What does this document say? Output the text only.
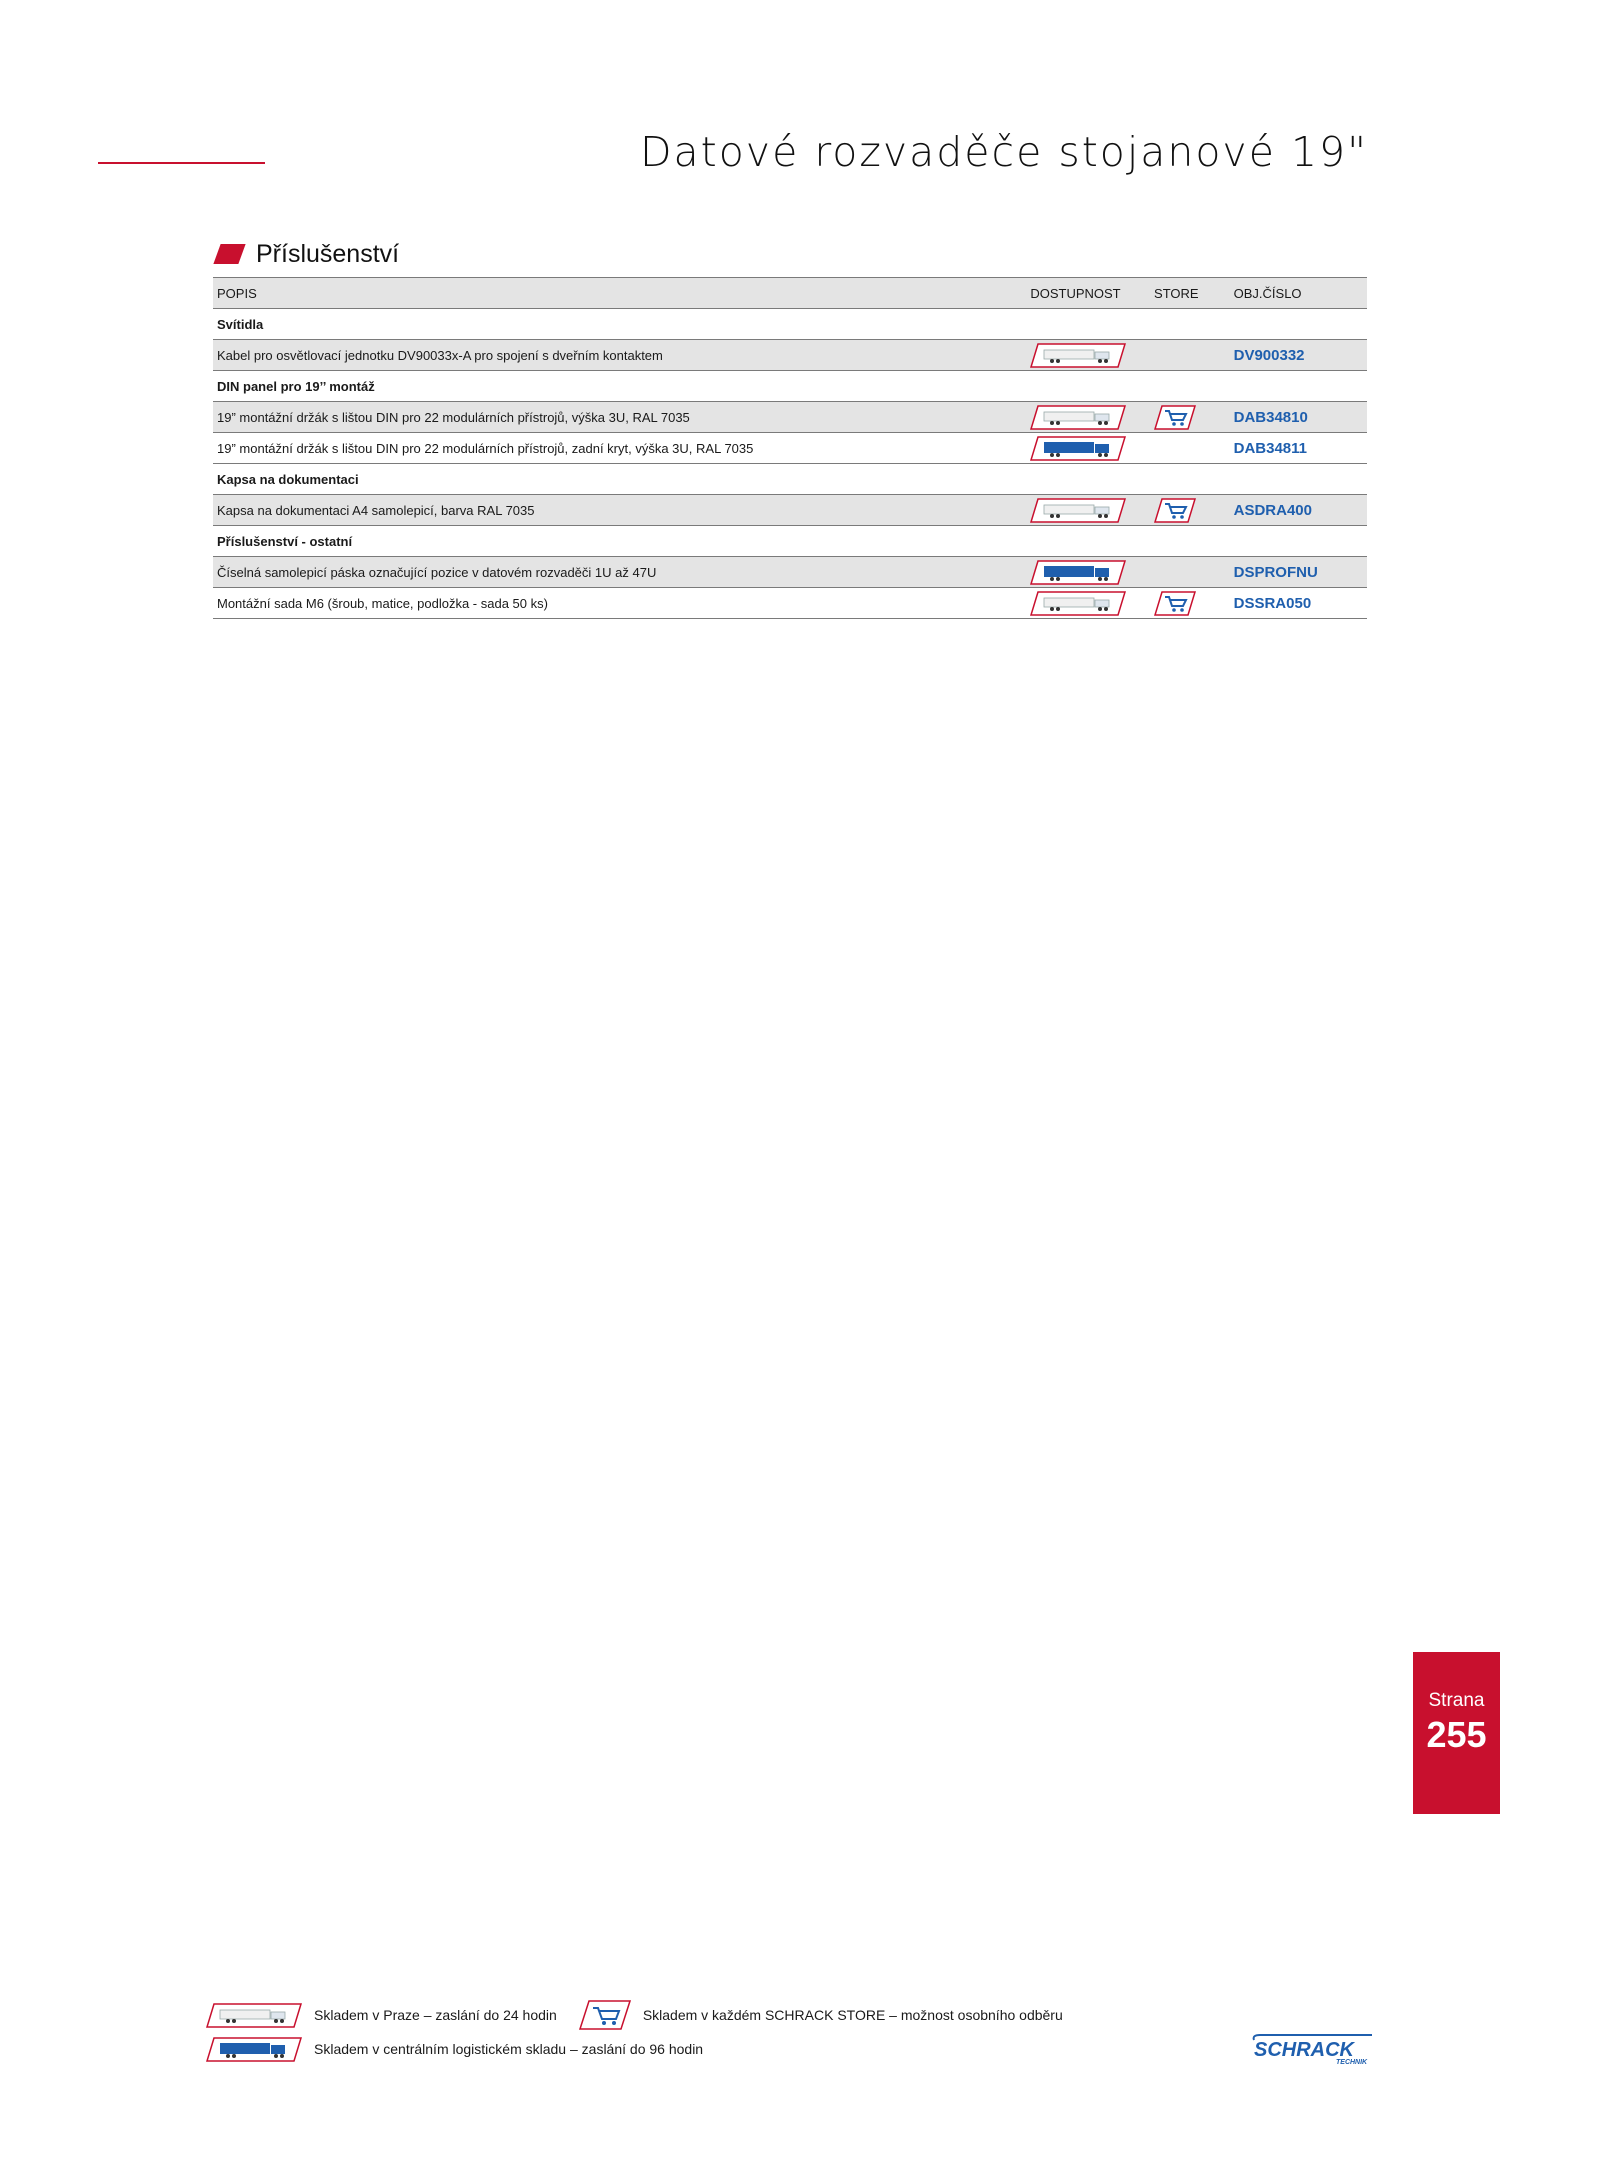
Datové rozvaděče stojanové 19"
Příslušenství
POPIS	DOSTUPNOST	STORE	OBJ.ČÍSLO
Svítidla			
Kabel pro osvětlovací jednotku DV90033x-A pro spojení s dveřním kontaktem			DV900332
DIN panel pro 19’’ montáž			
19” montážní držák s lištou DIN pro 22 modulárních přístrojů, výška 3U, RAL 7035			DAB34810
19” montážní držák s lištou DIN pro 22 modulárních přístrojů, zadní kryt, výška 3U, RAL 7035			DAB34811
Kapsa na dokumentaci			
Kapsa na dokumentaci A4 samolepicí, barva RAL 7035			ASDRA400
Příslušenství - ostatní			
Číselná samolepicí páska označující pozice v datovém rozvaděči 1U až 47U			DSPROFNU
Montážní sada M6 (šroub, matice, podložka - sada 50 ks)			DSSRA050
Strana
255
Skladem v Praze – zaslání do 24 hodin	Skladem v každém SCHRACK STORE – možnost osobního odběru
Skladem v centrálním logistickém skladu – zaslání do 96 hodin	SCHRACK
TECHNIK
